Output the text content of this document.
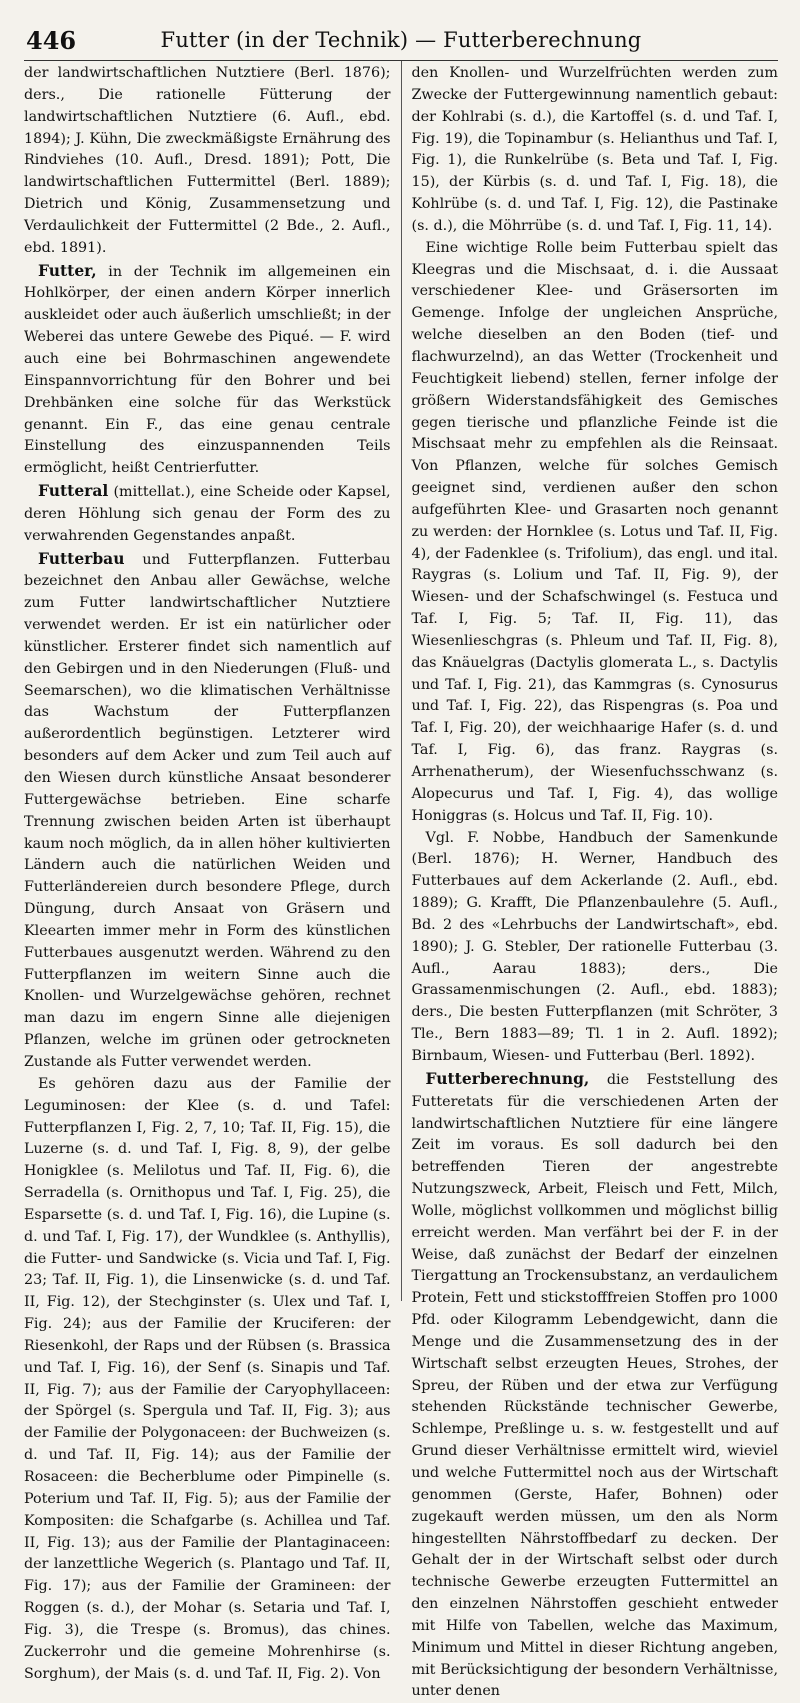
446	Futter (in der Technik) — Futterberechnung

der landwirtschaftlichen Nutztiere (Berl. 1876); ders., Die rationelle Fütterung der landwirtschaftlichen Nutztiere (6. Aufl., ebd. 1894); J. Kühn, Die zweckmäßigste Ernährung des Rindviehes (10. Aufl., Dresd. 1891); Pott, Die landwirtschaftlichen Futtermittel (Berl. 1889); Dietrich und König, Zusammensetzung und Verdaulichkeit der Futtermittel (2 Bde., 2. Aufl., ebd. 1891).

Futter, in der Technik im allgemeinen ein Hohlkörper, der einen andern Körper innerlich auskleidet oder auch äußerlich umschließt; in der Weberei das untere Gewebe des Piqué. — F. wird auch eine bei Bohrmaschinen angewendete Einspannvorrichtung für den Bohrer und bei Drehbänken eine solche für das Werkstück genannt. Ein F., das eine genau centrale Einstellung des einzuspannenden Teils ermöglicht, heißt Centrierfutter.

Futteral (mittellat.), eine Scheide oder Kapsel, deren Höhlung sich genau der Form des zu verwahrenden Gegenstandes anpaßt.

Futterbau und Futterpflanzen. Futterbau bezeichnet den Anbau aller Gewächse, welche zum Futter landwirtschaftlicher Nutztiere verwendet werden. Er ist ein natürlicher oder künstlicher. Ersterer findet sich namentlich auf den Gebirgen und in den Niederungen (Fluß- und Seemarschen), wo die klimatischen Verhältnisse das Wachstum der Futterpflanzen außerordentlich begünstigen. Letzterer wird besonders auf dem Acker und zum Teil auch auf den Wiesen durch künstliche Ansaat besonderer Futtergewächse betrieben. Eine scharfe Trennung zwischen beiden Arten ist überhaupt kaum noch möglich, da in allen höher kultivierten Ländern auch die natürlichen Weiden und Futterländereien durch besondere Pflege, durch Düngung, durch Ansaat von Gräsern und Kleearten immer mehr in Form des künstlichen Futterbaues ausgenutzt werden. Während zu den Futterpflanzen im weitern Sinne auch die Knollen- und Wurzelgewächse gehören, rechnet man dazu im engern Sinne alle diejenigen Pflanzen, welche im grünen oder getrockneten Zustande als Futter verwendet werden.

Es gehören dazu aus der Familie der Leguminosen: der Klee (s. d. und Tafel: Futterpflanzen I, Fig. 2, 7, 10; Taf. II, Fig. 15), die Luzerne (s. d. und Taf. I, Fig. 8, 9), der gelbe Honigklee (s. Melilotus und Taf. II, Fig. 6), die Serradella (s. Ornithopus und Taf. I, Fig. 25), die Esparsette (s. d. und Taf. I, Fig. 16), die Lupine (s. d. und Taf. I, Fig. 17), der Wundklee (s. Anthyllis), die Futter- und Sandwicke (s. Vicia und Taf. I, Fig. 23; Taf. II, Fig. 1), die Linsenwicke (s. d. und Taf. II, Fig. 12), der Stechginster (s. Ulex und Taf. I, Fig. 24); aus der Familie der Kruciferen: der Riesenkohl, der Raps und der Rübsen (s. Brassica und Taf. I, Fig. 16), der Senf (s. Sinapis und Taf. II, Fig. 7); aus der Familie der Caryophyllaceen: der Spörgel (s. Spergula und Taf. II, Fig. 3); aus der Familie der Polygonaceen: der Buchweizen (s. d. und Taf. II, Fig. 14); aus der Familie der Rosaceen: die Becherblume oder Pimpinelle (s. Poterium und Taf. II, Fig. 5); aus der Familie der Kompositen: die Schafgarbe (s. Achillea und Taf. II, Fig. 13); aus der Familie der Plantaginaceen: der lanzettliche Wegerich (s. Plantago und Taf. II, Fig. 17); aus der Familie der Gramineen: der Roggen (s. d.), der Mohar (s. Setaria und Taf. I, Fig. 3), die Trespe (s. Bromus), das chines. Zuckerrohr und die gemeine Mohrenhirse (s. Sorghum), der Mais (s. d. und Taf. II, Fig. 2). Von

den Knollen- und Wurzelfrüchten werden zum Zwecke der Futtergewinnung namentlich gebaut: der Kohlrabi (s. d.), die Kartoffel (s. d. und Taf. I, Fig. 19), die Topinambur (s. Helianthus und Taf. I, Fig. 1), die Runkelrübe (s. Beta und Taf. I, Fig. 15), der Kürbis (s. d. und Taf. I, Fig. 18), die Kohlrübe (s. d. und Taf. I, Fig. 12), die Pastinake (s. d.), die Möhrrübe (s. d. und Taf. I, Fig. 11, 14).

Eine wichtige Rolle beim Futterbau spielt das Kleegras und die Mischsaat, d. i. die Aussaat verschiedener Klee- und Gräsersorten im Gemenge. Infolge der ungleichen Ansprüche, welche dieselben an den Boden (tief- und flachwurzelnd), an das Wetter (Trockenheit und Feuchtigkeit liebend) stellen, ferner infolge der größern Widerstandsfähigkeit des Gemisches gegen tierische und pflanzliche Feinde ist die Mischsaat mehr zu empfehlen als die Reinsaat. Von Pflanzen, welche für solches Gemisch geeignet sind, verdienen außer den schon aufgeführten Klee- und Grasarten noch genannt zu werden: der Hornklee (s. Lotus und Taf. II, Fig. 4), der Fadenklee (s. Trifolium), das engl. und ital. Raygras (s. Lolium und Taf. II, Fig. 9), der Wiesen- und der Schafschwingel (s. Festuca und Taf. I, Fig. 5; Taf. II, Fig. 11), das Wiesenlieschgras (s. Phleum und Taf. II, Fig. 8), das Knäuelgras (Dactylis glomerata L., s. Dactylis und Taf. I, Fig. 21), das Kammgras (s. Cynosurus und Taf. I, Fig. 22), das Rispengras (s. Poa und Taf. I, Fig. 20), der weichhaarige Hafer (s. d. und Taf. I, Fig. 6), das franz. Raygras (s. Arrhenatherum), der Wiesenfuchsschwanz (s. Alopecurus und Taf. I, Fig. 4), das wollige Honiggras (s. Holcus und Taf. II, Fig. 10).

Vgl. F. Nobbe, Handbuch der Samenkunde (Berl. 1876); H. Werner, Handbuch des Futterbaues auf dem Ackerlande (2. Aufl., ebd. 1889); G. Krafft, Die Pflanzenbaulehre (5. Aufl., Bd. 2 des «Lehrbuchs der Landwirtschaft», ebd. 1890); J. G. Stebler, Der rationelle Futterbau (3. Aufl., Aarau 1883); ders., Die Grassamenmischungen (2. Aufl., ebd. 1883); ders., Die besten Futterpflanzen (mit Schröter, 3 Tle., Bern 1883—89; Tl. 1 in 2. Aufl. 1892); Birnbaum, Wiesen- und Futterbau (Berl. 1892).

Futterberechnung, die Feststellung des Futteretats für die verschiedenen Arten der landwirtschaftlichen Nutztiere für eine längere Zeit im voraus. Es soll dadurch bei den betreffenden Tieren der angestrebte Nutzungszweck, Arbeit, Fleisch und Fett, Milch, Wolle, möglichst vollkommen und möglichst billig erreicht werden. Man verfährt bei der F. in der Weise, daß zunächst der Bedarf der einzelnen Tiergattung an Trockensubstanz, an verdaulichem Protein, Fett und stickstofffreien Stoffen pro 1000 Pfd. oder Kilogramm Lebendgewicht, dann die Menge und die Zusammensetzung des in der Wirtschaft selbst erzeugten Heues, Strohes, der Spreu, der Rüben und der etwa zur Verfügung stehenden Rückstände technischer Gewerbe, Schlempe, Preßlinge u. s. w. festgestellt und auf Grund dieser Verhältnisse ermittelt wird, wieviel und welche Futtermittel noch aus der Wirtschaft genommen (Gerste, Hafer, Bohnen) oder zugekauft werden müssen, um den als Norm hingestellten Nährstoffbedarf zu decken. Der Gehalt der in der Wirtschaft selbst oder durch technische Gewerbe erzeugten Futtermittel an den einzelnen Nährstoffen geschieht entweder mit Hilfe von Tabellen, welche das Maximum, Minimum und Mittel in dieser Richtung angeben, mit Berücksichtigung der besondern Verhältnisse, unter denen
